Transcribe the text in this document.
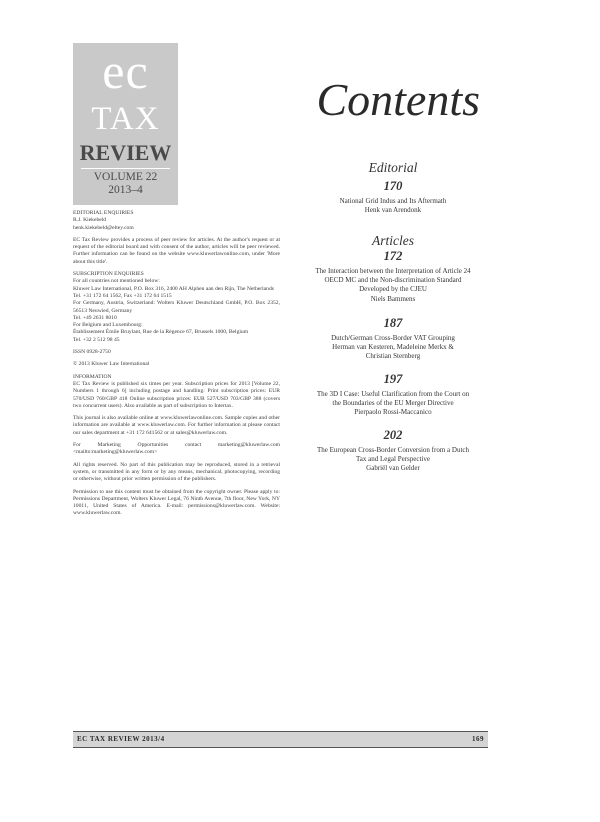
ec
TAX
REVIEW
VOLUME 22
2013–4

EDITORIAL ENQUIRIES
R.J. Kiekebeld
henk.kiekebeld@eltey.com

EC Tax Review provides a process of peer review for articles. At the author's request or at request of the editorial board and with consent of the author, articles will be peer reviewed. Further information can be found on the website www.kluwerlawonline.com, under 'More about this title'.

SUBSCRIPTION ENQUIRIES
For all countries not mentioned below:
Kluwer Law International, P.O. Box 316, 2400 AH Alphen aan den Rijn, The Netherlands
Tel. +31 172 64 1562, Fax +31 172 64 1515
For Germany, Austria, Switzerland: Wolters Kluwer Deutschland GmbH, P.O. Box 2352, 56513 Neuwied, Germany
Tel. +49 2631 8010
For Belgium and Luxembourg:
Établissement Émile Bruylant, Rue de la Régence 67, Brussels 1000, Belgium
Tel. +32 2 512 98 45

ISSN 0928-2750

© 2013 Kluwer Law International

INFORMATION
EC Tax Review is published six times per year. Subscription prices for 2013 [Volume 22, Numbers 1 through 6] including postage and handling: Print subscription prices: EUR 570/USD 760/GBP 418 Online subscription prices: EUR 527/USD 703/GBP 388 (covers two concurrent users). Also available as part of subscription to Intertax.

This journal is also available online at www.kluwerlawonline.com. Sample copies and other information are available at www.kluwerlaw.com. For further information at please contact our sales department at +31 172 641562 or at sales@kluwerlaw.com.

For Marketing Opportunities contact marketing@kluwerlaw.com <mailto:marketing@kluwerlaw.com>

All rights reserved. No part of this publication may be reproduced, stored in a retrieval system, or transmitted in any form or by any means, mechanical, photocopying, recording or otherwise, without prior written permission of the publishers.

Permission to use this content must be obtained from the copyright owner. Please apply to: Permissions Department, Wolters Kluwer Legal, 76 Ninth Avenue, 7th floor, New York, NY 10011, United States of America. E-mail: permissions@kluwerlaw.com. Website: www.kluwerlaw.com.

Contents
Editorial
170
National Grid Indus and Its Aftermath
Henk van Arendonk
Articles
172
The Interaction between the Interpretation of Article 24
OECD MC and the Non-discrimination Standard
Developed by the CJEU
Niels Bammens
187
Dutch/German Cross-Border VAT Grouping
Herman van Kesteren, Madeleine Merkx &
Christian Sternberg
197
The 3D I Case: Useful Clarification from the Court on
the Boundaries of the EU Merger Directive
Pierpaolo Rossi-Maccanico
202
The European Cross-Border Conversion from a Dutch
Tax and Legal Perspective
Gabriël van Gelder
EC TAX REVIEW 2013/4	169
